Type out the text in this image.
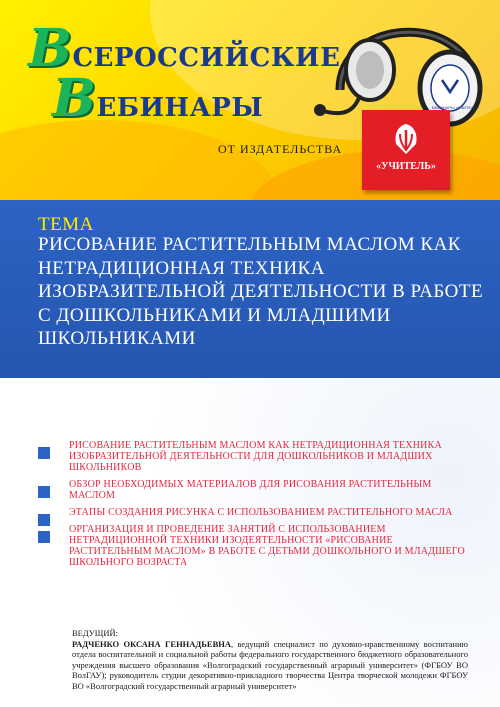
ВСЕРОССИЙСКИЕ
ВЕБИНАРЫ	ВЕБИНАРЫ «УЧИТЕЛЬ»
ОТ ИЗДАТЕЛЬСТВА
«УЧИТЕЛЬ»
ТЕМА
РИСОВАНИЕ РАСТИТЕЛЬНЫМ МАСЛОМ КАК НЕТРАДИЦИОННАЯ ТЕХНИКА ИЗОБРАЗИТЕЛЬНОЙ ДЕЯТЕЛЬНОСТИ В РАБОТЕ С ДОШКОЛЬНИКАМИ И МЛАДШИМИ ШКОЛЬНИКАМИ
РИСОВАНИЕ РАСТИТЕЛЬНЫМ МАСЛОМ КАК НЕТРАДИЦИОННАЯ ТЕХНИКА ИЗОБРАЗИТЕЛЬНОЙ ДЕЯТЕЛЬНОСТИ ДЛЯ ДОШКОЛЬНИКОВ И МЛАДШИХ ШКОЛЬНИКОВ
ОБЗОР НЕОБХОДИМЫХ МАТЕРИАЛОВ ДЛЯ РИСОВАНИЯ РАСТИТЕЛЬНЫМ МАСЛОМ
ЭТАПЫ СОЗДАНИЯ РИСУНКА С ИСПОЛЬЗОВАНИЕМ РАСТИТЕЛЬНОГО МАСЛА
ОРГАНИЗАЦИЯ И ПРОВЕДЕНИЕ ЗАНЯТИЙ С ИСПОЛЬЗОВАНИЕМ НЕТРАДИЦИОННОЙ ТЕХНИКИ ИЗОДЕЯТЕЛЬНОСТИ «РИСОВАНИЕ РАСТИТЕЛЬНЫМ МАСЛОМ» В РАБОТЕ С ДЕТЬМИ ДОШКОЛЬНОГО И МЛАДШЕГО ШКОЛЬНОГО ВОЗРАСТА
ВЕДУЩИЙ:
РАДЧЕНКО ОКСАНА ГЕННАДЬЕВНА, ведущий специалист по духовно-нравственному воспитанию отдела воспитательной и социальной работы федерального государственного бюджетного образовательного учреждения высшего образования «Волгоградский государственный аграрный университет» (ФГБОУ ВО ВолГАУ); руководитель студии декоративно-прикладного творчества Центра творческой молодежи ФГБОУ ВО «Волгоградский государственный аграрный университет»
